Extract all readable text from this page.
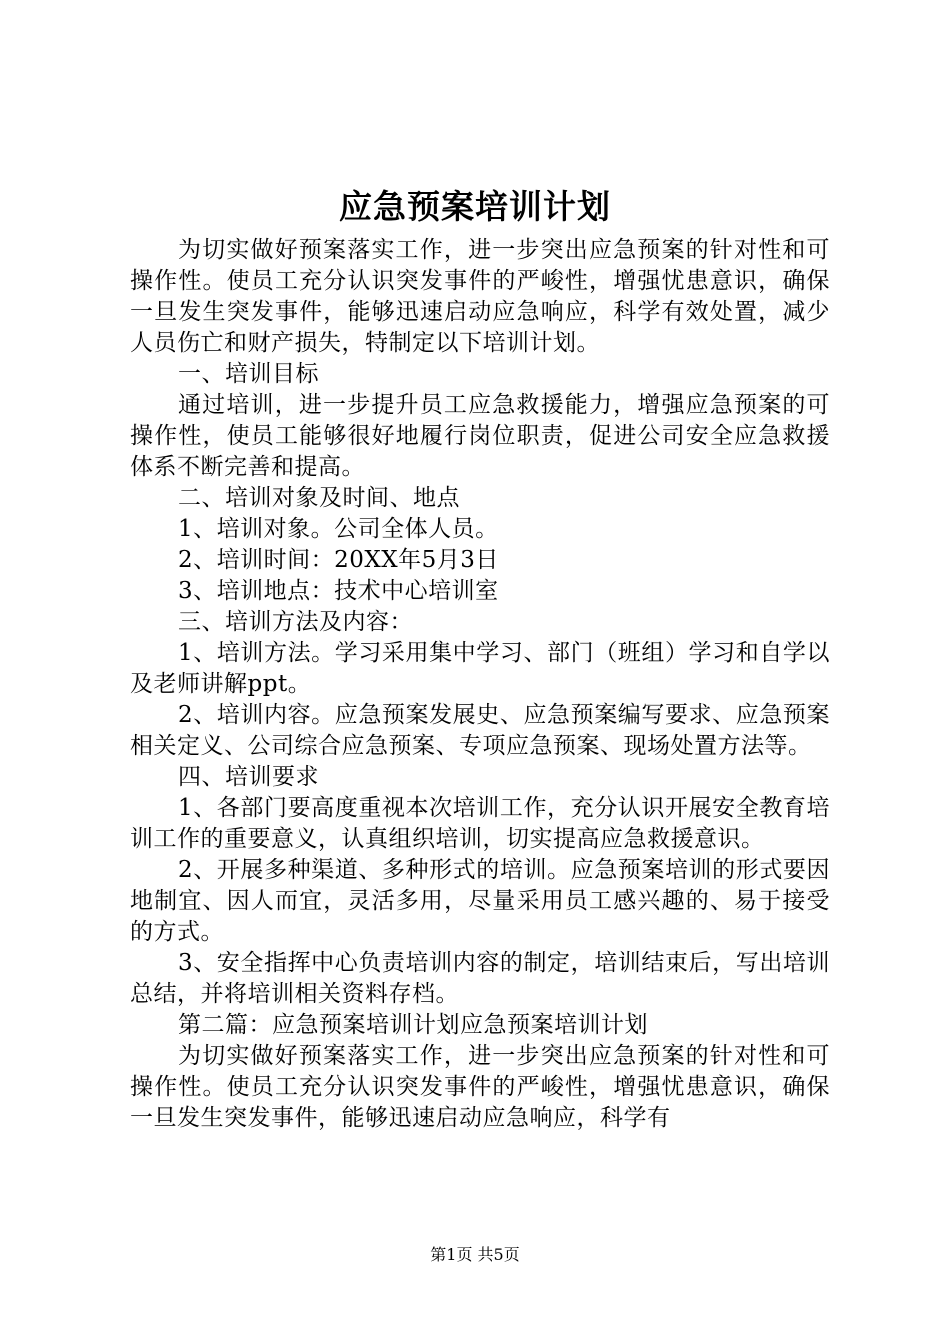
应急预案培训计划

为切实做好预案落实工作，进一步突出应急预案的针对性和可操作性。使员工充分认识突发事件的严峻性，增强忧患意识，确保一旦发生突发事件，能够迅速启动应急响应，科学有效处置，减少人员伤亡和财产损失，特制定以下培训计划。

一、培训目标

通过培训，进一步提升员工应急救援能力，增强应急预案的可操作性，使员工能够很好地履行岗位职责，促进公司安全应急救援体系不断完善和提高。

二、培训对象及时间、地点

1、培训对象。公司全体人员。

2、培训时间：20XX年5月3日

3、培训地点：技术中心培训室

三、培训方法及内容：

1、培训方法。学习采用集中学习、部门（班组）学习和自学以及老师讲解ppt。

2、培训内容。应急预案发展史、应急预案编写要求、应急预案相关定义、公司综合应急预案、专项应急预案、现场处置方法等。

四、培训要求

1、各部门要高度重视本次培训工作，充分认识开展安全教育培训工作的重要意义，认真组织培训，切实提高应急救援意识。

2、开展多种渠道、多种形式的培训。应急预案培训的形式要因地制宜、因人而宜，灵活多用，尽量采用员工感兴趣的、易于接受的方式。

3、安全指挥中心负责培训内容的制定，培训结束后，写出培训总结，并将培训相关资料存档。

第二篇：应急预案培训计划应急预案培训计划

为切实做好预案落实工作，进一步突出应急预案的针对性和可操作性。使员工充分认识突发事件的严峻性，增强忧患意识，确保一旦发生突发事件，能够迅速启动应急响应，科学有

第1页 共5页
